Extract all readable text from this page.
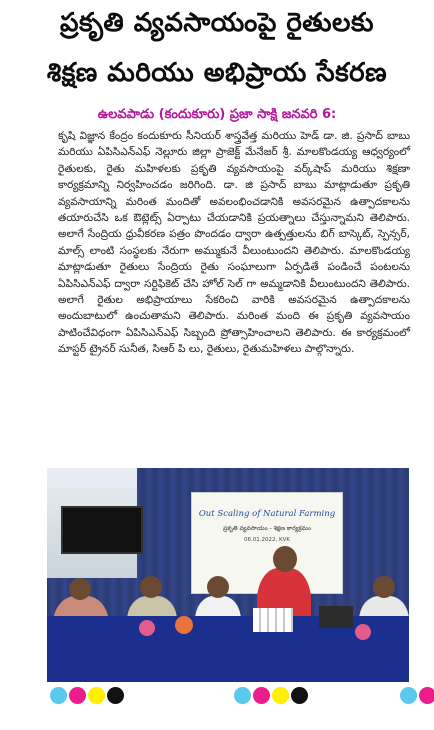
ప్రకృతి వ్యవసాయంపై రైతులకు
శిక్షణ మరియు అభిప్రాయ సేకరణ
ఉలవపాడు (కందుకూరు) ప్రజా సాక్షి జనవరి 6:
కృషి విజ్ఞాన కేంద్రం కందుకూరు సీనియర్ శాస్త్రవేత్త మరియు హెడ్ డా. జి. ప్రసాద్ బాబు మరియు ఏపిసిఎన్ఎఫ్ నెల్లూరు జిల్లా ప్రాజెక్ట్ మేనేజర్ శ్రీ. మాలకొండయ్య ఆధ్వర్యంలో రైతులకు, రైతు మహిళలకు ప్రకృతి వ్యవసాయంపై వర్క్‌షాప్ మరియు శిక్షణా కార్యక్రమాన్ని నిర్వహించడం జరిగింది. డా. జి ప్రసాద్ బాబు మాట్లాడుతూ ప్రకృతి వ్యవసాయాన్ని మరింత మందితో అవలంభించడానికి అవసరమైన ఉత్పాదకాలను తయారుచేసి ఒక ఔట్లెట్స్ ఏర్పాటు చేయడానికి ప్రయత్నాలు చేస్తున్నామని తెలిపారు. అలాగే సేంద్రియ ధ్రువీకరణ పత్రం పొందడం ద్వారా ఉత్పత్తులను బిగ్ బాస్కెట్, స్పెన్సర్, మాల్స్ లాంటి సంస్థలకు నేరుగా అమ్ముకునే వీలుంటుందని తెలిపారు. మాలకొండయ్య మాట్లాడుతూ రైతులు సేంద్రియ రైతు సంఘాలుగా ఏర్పడితే పండించే పంటలను ఏపిసిఎన్ఎఫ్ ద్వారా సర్టిఫికెట్ చేసి హోల్ సెల్ గా అమ్మడానికి వీలుంటుందని తెలిపారు. అలాగే రైతుల అభిప్రాయాలు సేకరించి వారికి అవసరమైన ఉత్పాదకాలను అందుబాటులో ఉంచుతామని తెలిపారు. మరింత మంది ఈ ప్రకృతి వ్యవసాయం పాటించేవిధంగా ఏపిసిఎన్ఎఫ్ సిబ్బంది ప్రోత్సాహించాలని తెలిపారు. ఈ కార్యక్రమంలో మాస్టర్ ట్రైనర్ సునీత, సిఆర్ పి లు, రైతులు, రైతుమహిళలు పాల్గొన్నారు.
Out Scaling of Natural Farming
ప్రకృతి వ్యవసాయం - శిక్షణ కార్యక్రమం
06.01.2022, KVK
